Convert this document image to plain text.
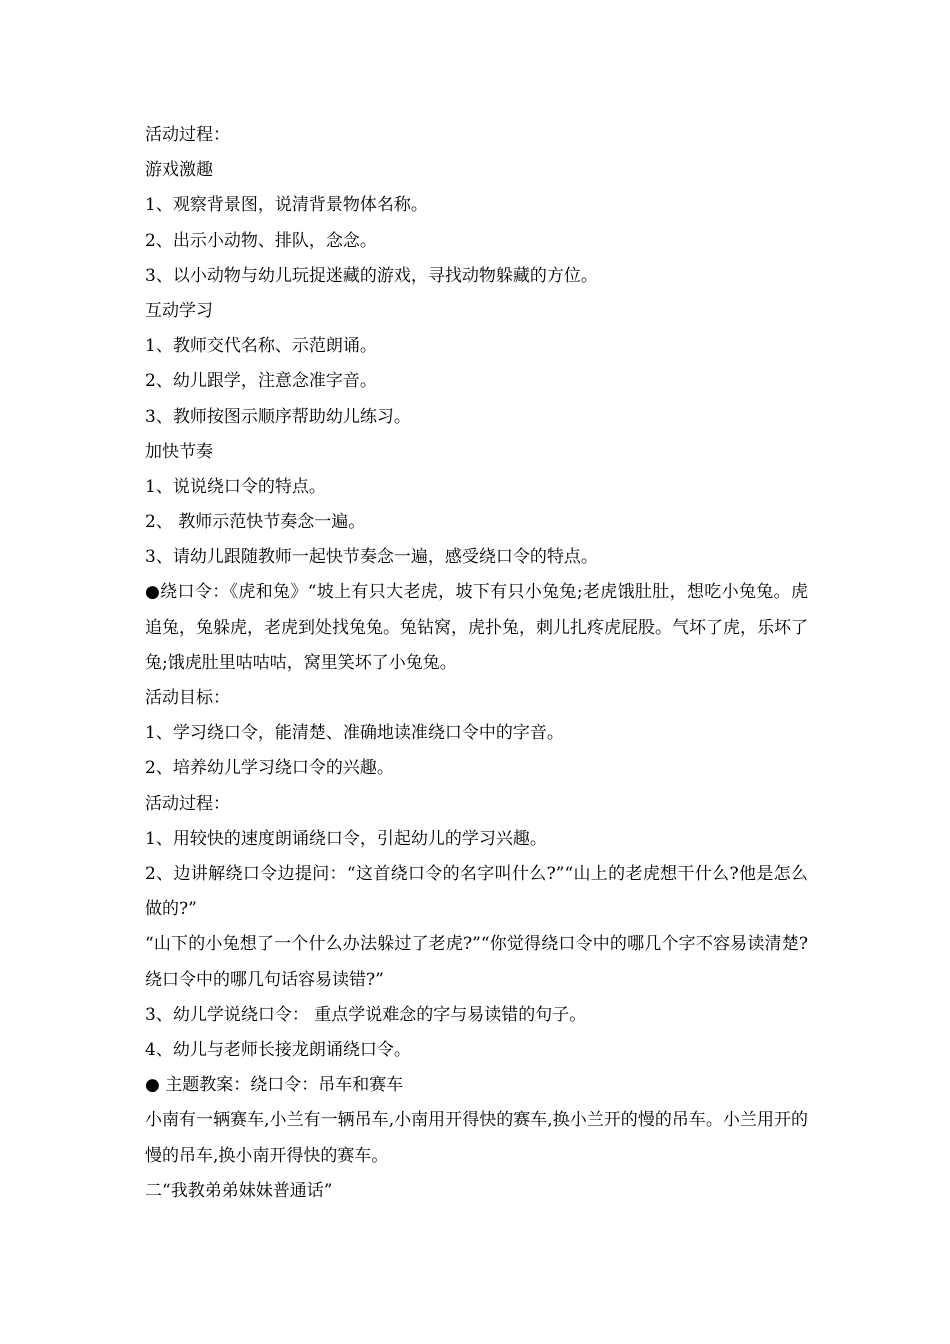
活动过程：
游戏激趣
1、观察背景图，说清背景物体名称。
2、出示小动物、排队，念念。
3、以小动物与幼儿玩捉迷藏的游戏，寻找动物躲藏的方位。
互动学习
1、教师交代名称、示范朗诵。
2、幼儿跟学，注意念准字音。
3、教师按图示顺序帮助幼儿练习。
加快节奏
1、说说绕口令的特点。
2、 教师示范快节奏念一遍。
3、请幼儿跟随教师一起快节奏念一遍，感受绕口令的特点。
●绕口令：《虎和兔》“坡上有只大老虎，坡下有只小兔兔;老虎饿肚肚，想吃小兔兔。虎追兔，兔躲虎，老虎到处找兔兔。兔钻窝，虎扑兔，刺儿扎疼虎屁股。气坏了虎，乐坏了兔;饿虎肚里咕咕咕，窝里笑坏了小兔兔。
活动目标：
1、学习绕口令，能清楚、准确地读准绕口令中的字音。
2、培养幼儿学习绕口令的兴趣。
活动过程：
1、用较快的速度朗诵绕口令，引起幼儿的学习兴趣。
2、边讲解绕口令边提问：“这首绕口令的名字叫什么?”“山上的老虎想干什么?他是怎么做的?”
“山下的小兔想了一个什么办法躲过了老虎?”“你觉得绕口令中的哪几个字不容易读清楚?绕口令中的哪几句话容易读错?”
3、幼儿学说绕口令： 重点学说难念的字与易读错的句子。
4、幼儿与老师长接龙朗诵绕口令。
● 主题教案：绕口令：吊车和赛车
小南有一辆赛车,小兰有一辆吊车,小南用开得快的赛车,换小兰开的慢的吊车。小兰用开的慢的吊车,换小南开得快的赛车。
二“我教弟弟妹妹普通话”
